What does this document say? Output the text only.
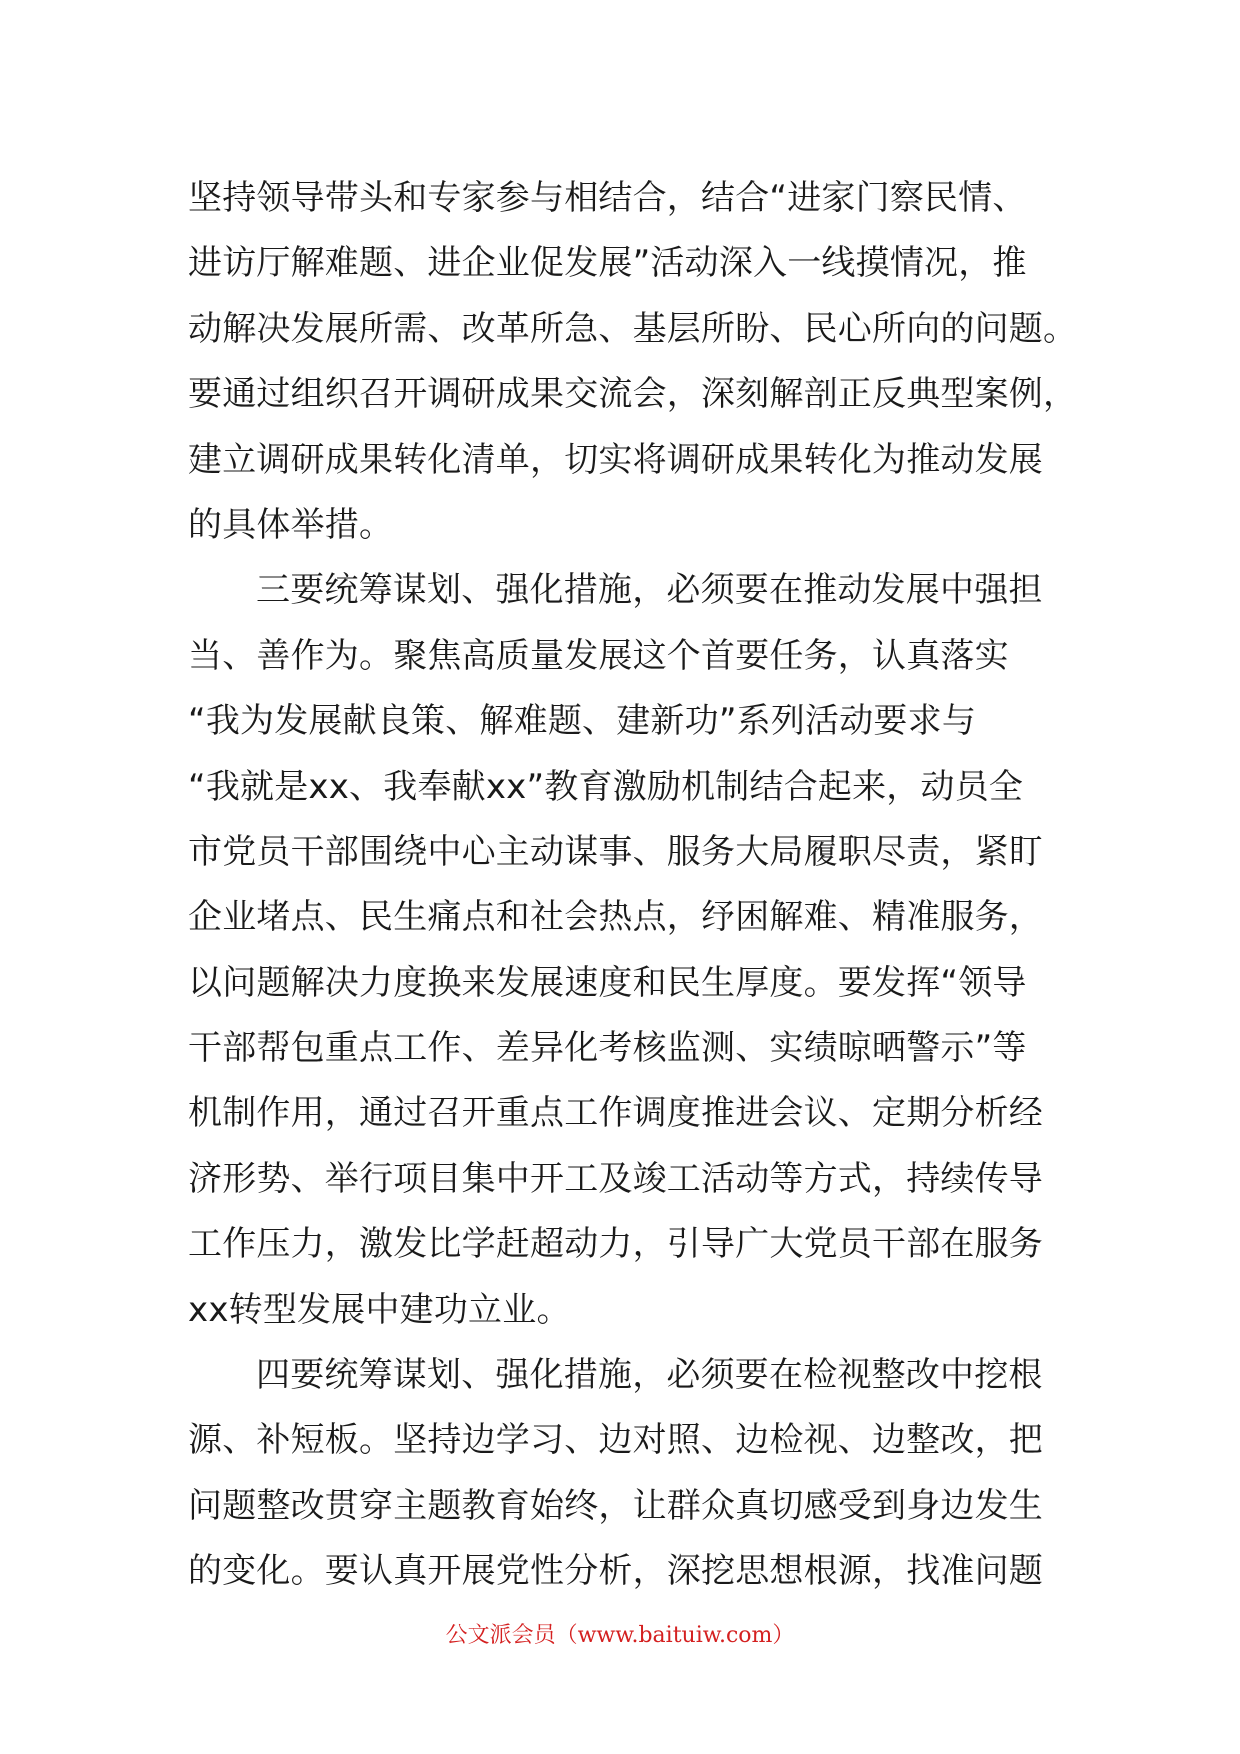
坚持领导带头和专家参与相结合，结合“进家门察民情、
进访厅解难题、进企业促发展”活动深入一线摸情况，推
动解决发展所需、改革所急、基层所盼、民心所向的问题。
要通过组织召开调研成果交流会，深刻解剖正反典型案例，
建立调研成果转化清单，切实将调研成果转化为推动发展
的具体举措。
三要统筹谋划、强化措施，必须要在推动发展中强担
当、善作为。聚焦高质量发展这个首要任务，认真落实
“我为发展献良策、解难题、建新功”系列活动要求与
“我就是xx、我奉献xx”教育激励机制结合起来，动员全
市党员干部围绕中心主动谋事、服务大局履职尽责，紧盯
企业堵点、民生痛点和社会热点，纾困解难、精准服务，
以问题解决力度换来发展速度和民生厚度。要发挥“领导
干部帮包重点工作、差异化考核监测、实绩晾晒警示”等
机制作用，通过召开重点工作调度推进会议、定期分析经
济形势、举行项目集中开工及竣工活动等方式，持续传导
工作压力，激发比学赶超动力，引导广大党员干部在服务
xx转型发展中建功立业。
四要统筹谋划、强化措施，必须要在检视整改中挖根
源、补短板。坚持边学习、边对照、边检视、边整改，把
问题整改贯穿主题教育始终，让群众真切感受到身边发生
的变化。要认真开展党性分析，深挖思想根源，找准问题
公文派会员（www.baituiw.com）
